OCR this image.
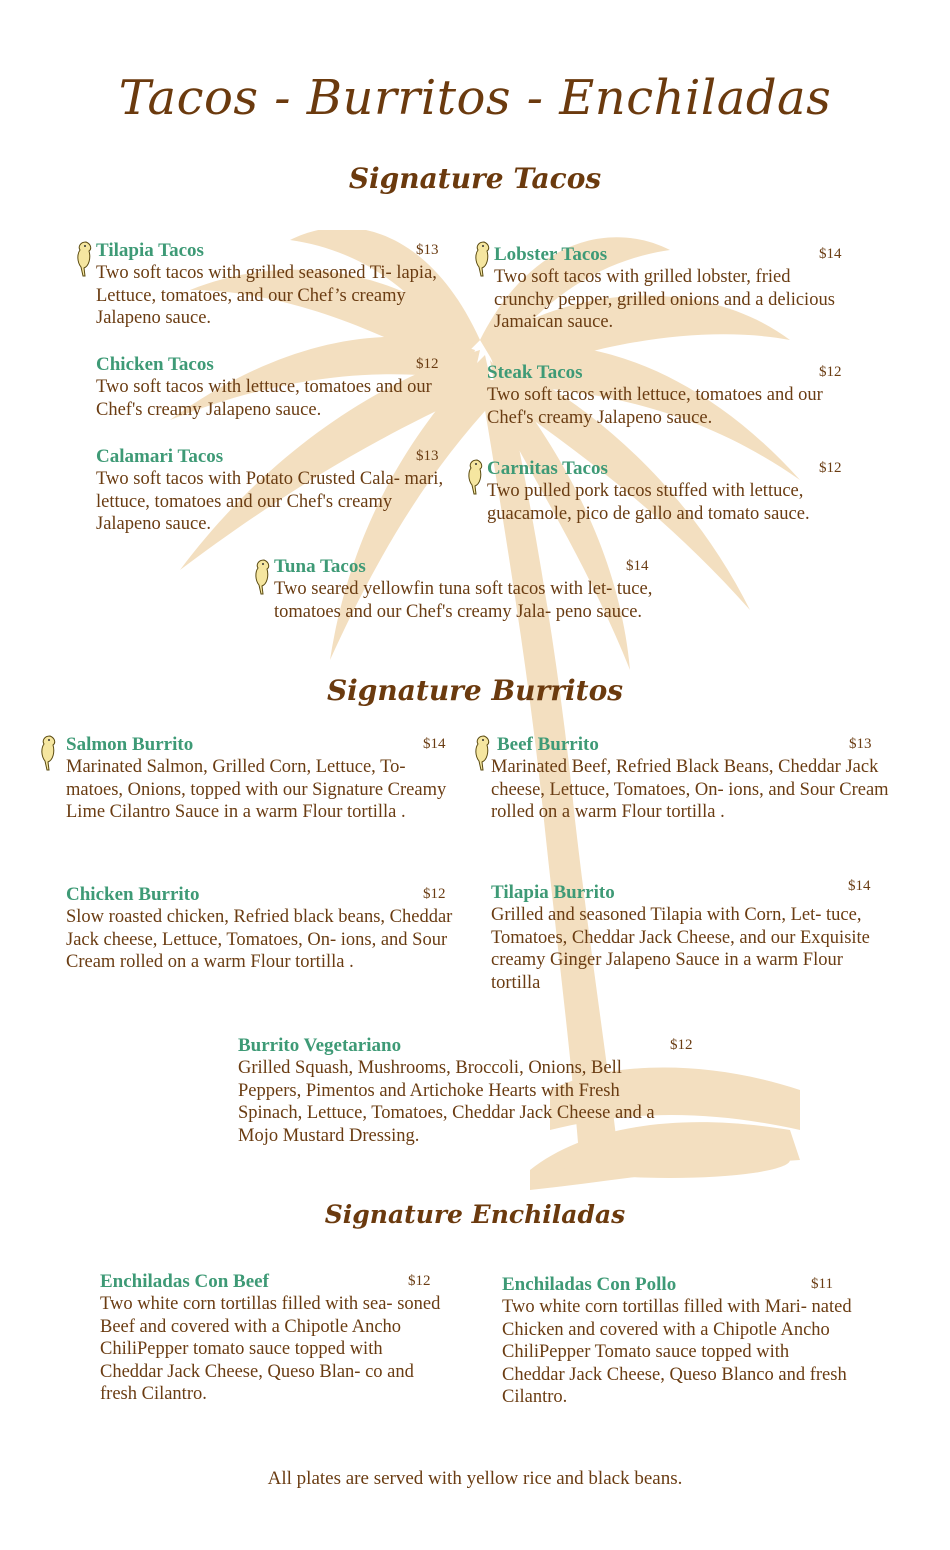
Tacos - Burritos - Enchiladas
Signature Tacos
Tilapia Tacos	$13
Two soft tacos with grilled seasoned Ti- lapia, Lettuce, tomatoes, and our Chef’s creamy Jalapeno sauce.
Lobster Tacos	$14
Two soft tacos with grilled lobster, fried crunchy pepper, grilled onions and a delicious Jamaican sauce.
Chicken Tacos	$12
Two soft tacos with lettuce, tomatoes and our Chef's creamy Jalapeno sauce.
Steak Tacos	$12
Two soft tacos with lettuce, tomatoes and our Chef's creamy Jalapeno sauce.
Calamari Tacos	$13
Two soft tacos with Potato Crusted Cala- mari, lettuce, tomatoes and our Chef's creamy Jalapeno sauce.
Carnitas Tacos	$12
Two pulled pork tacos stuffed with lettuce, guacamole, pico de gallo and tomato sauce.
Tuna Tacos	$14
Two seared yellowfin tuna soft tacos with let- tuce, tomatoes and our Chef's creamy Jala- peno sauce.
Signature Burritos
Salmon Burrito	$14
Marinated Salmon, Grilled Corn, Lettuce, To- matoes, Onions, topped with our Signature Creamy Lime Cilantro Sauce in a warm Flour tortilla .
Beef Burrito	$13
Marinated Beef, Refried Black Beans, Cheddar Jack cheese, Lettuce, Tomatoes, On- ions, and Sour Cream rolled on a warm Flour tortilla .
Chicken Burrito	$12
Slow roasted chicken, Refried black beans, Cheddar Jack cheese, Lettuce, Tomatoes, On- ions, and Sour Cream rolled on a warm Flour tortilla .
Tilapia Burrito	$14
Grilled and seasoned Tilapia with Corn, Let- tuce, Tomatoes, Cheddar Jack Cheese, and our Exquisite creamy Ginger Jalapeno Sauce in a warm Flour tortilla
Burrito Vegetariano	$12
Grilled Squash, Mushrooms, Broccoli, Onions, Bell Peppers, Pimentos and Artichoke Hearts with Fresh Spinach, Lettuce, Tomatoes, Cheddar Jack Cheese and a Mojo Mustard Dressing.
Signature Enchiladas
Enchiladas Con Beef	$12
Two white corn tortillas filled with sea- soned Beef and covered with a Chipotle Ancho ChiliPepper tomato sauce topped with Cheddar Jack Cheese, Queso Blan- co and fresh Cilantro.
Enchiladas Con Pollo	$11
Two white corn tortillas filled with Mari- nated Chicken and covered with a Chipotle Ancho ChiliPepper Tomato sauce topped with Cheddar Jack Cheese, Queso Blanco and fresh Cilantro.
All plates are served with yellow rice and black beans.
